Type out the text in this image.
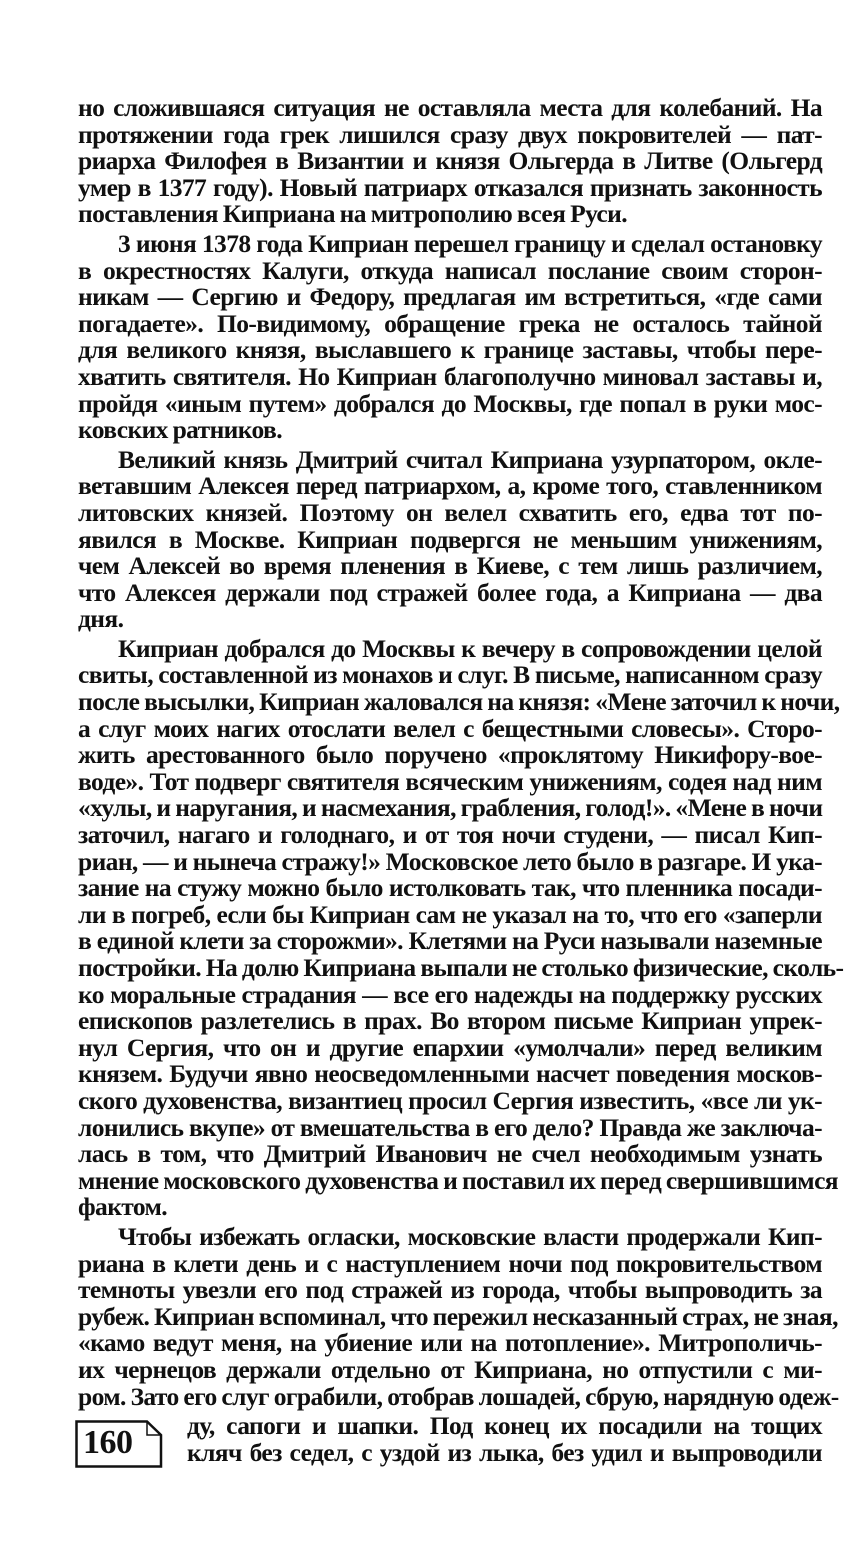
но сложившаяся ситуация не оставляла места для колебаний. На
протяжении года грек лишился сразу двух покровителей — пат-
риарха Филофея в Византии и князя Ольгерда в Литве (Ольгерд
умер в 1377 году). Новый патриарх отказался признать законность
поставления Киприана на митрополию всея Руси.
3 июня 1378 года Киприан перешел границу и сделал остановку
в окрестностях Калуги, откуда написал послание своим сторон-
никам — Сергию и Федору, предлагая им встретиться, «где сами
погадаете». По-видимому, обращение грека не осталось тайной
для великого князя, выславшего к границе заставы, чтобы пере-
хватить святителя. Но Киприан благополучно миновал заставы и,
пройдя «иным путем» добрался до Москвы, где попал в руки мос-
ковских ратников.
Великий князь Дмитрий считал Киприана узурпатором, окле-
ветавшим Алексея перед патриархом, а, кроме того, ставленником
литовских князей. Поэтому он велел схватить его, едва тот по-
явился в Москве. Киприан подвергся не меньшим унижениям,
чем Алексей во время пленения в Киеве, с тем лишь различием,
что Алексея держали под стражей более года, а Киприана — два
дня.
Киприан добрался до Москвы к вечеру в сопровождении целой
свиты, составленной из монахов и слуг. В письме, написанном сразу
после высылки, Киприан жаловался на князя: «Мене заточил к ночи,
а слуг моих нагих отослати велел с бещестными словесы». Сторо-
жить арестованного было поручено «проклятому Никифору-вое-
воде». Тот подверг святителя всяческим унижениям, содея над ним
«хулы, и наругания, и насмехания, грабления, голод!». «Мене в ночи
заточил, нагаго и голоднаго, и от тоя ночи студени, — писал Кип-
риан, — и нынеча стражу!» Московское лето было в разгаре. И ука-
зание на стужу можно было истолковать так, что пленника посади-
ли в погреб, если бы Киприан сам не указал на то, что его «заперли
в единой клети за сторожми». Клетями на Руси называли наземные
постройки. На долю Киприана выпали не столько физические, сколь-
ко моральные страдания — все его надежды на поддержку русских
епископов разлетелись в прах. Во втором письме Киприан упрек-
нул Сергия, что он и другие епархии «умолчали» перед великим
князем. Будучи явно неосведомленными насчет поведения москов-
ского духовенства, византиец просил Сергия известить, «все ли ук-
лонились вкупе» от вмешательства в его дело? Правда же заключа-
лась в том, что Дмитрий Иванович не счел необходимым узнать
мнение московского духовенства и поставил их перед свершившимся
фактом.
Чтобы избежать огласки, московские власти продержали Кип-
риана в клети день и с наступлением ночи под покровительством
темноты увезли его под стражей из города, чтобы выпроводить за
рубеж. Киприан вспоминал, что пережил несказанный страх, не зная,
«камо ведут меня, на убиение или на потопление». Митрополичь-
их чернецов держали отдельно от Киприана, но отпустили с ми-
ром. Зато его слуг ограбили, отобрав лошадей, сбрую, нарядную одеж-
160 ду, сапоги и шапки. Под конец их посадили на тощих
кляч без седел, с уздой из лыка, без удил и выпроводили
